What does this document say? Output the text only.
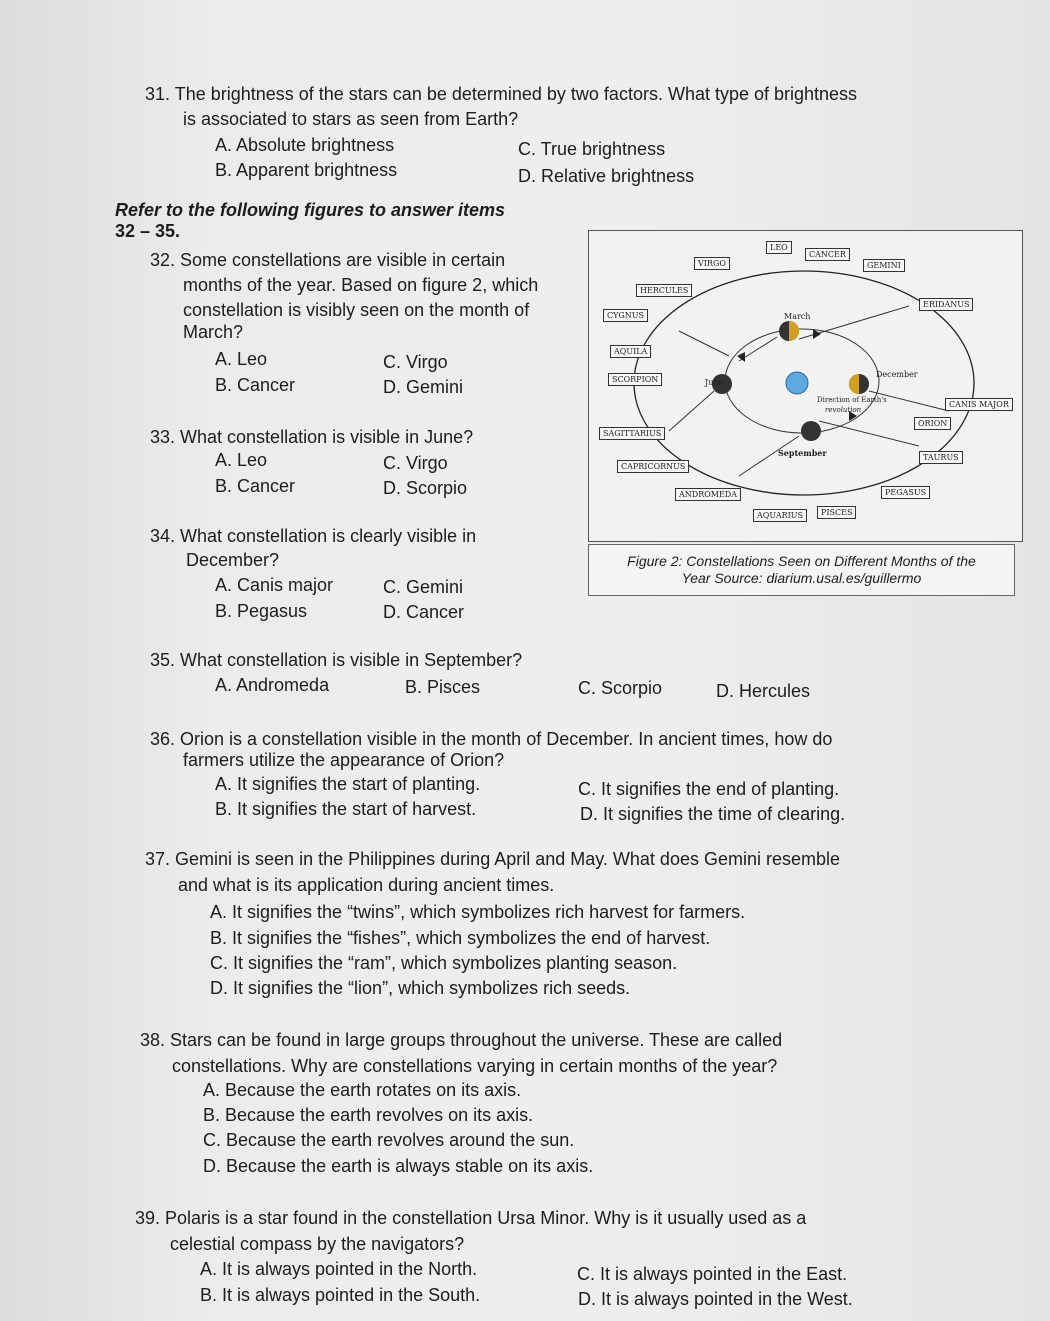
31. The brightness of the stars can be determined by two factors. What type of brightness
is associated to stars as seen from Earth?
A. Absolute brightness	C. True brightness
B. Apparent brightness	D. Relative brightness
Refer to the following figures to answer items
32 – 35.
32. Some constellations are visible in certain
months of the year. Based on figure 2, which
constellation is visibly seen on the month of
March?
A. Leo	C. Virgo
B. Cancer	D. Gemini
33. What constellation is visible in June?
A. Leo	C. Virgo
B. Cancer	D. Scorpio
34. What constellation is clearly visible in
December?
A. Canis major	C. Gemini
B. Pegasus	D. Cancer
LEO
CANCER
GEMINI
VIRGO
HERCULES
ERIDANUS
CYGNUS
AQUILA
SCORPION
CANIS MAJOR
ORION
SAGITTARIUS
TAURUS
CAPRICORNUS
PEGASUS
ANDROMEDA
AQUARIUS	PISCES
March
June
December
September
Direction of Earth's
revolution
Figure 2: Constellations Seen on Different Months of the
Year Source: diarium.usal.es/guillermo
35. What constellation is visible in September?
A. Andromeda	B. Pisces	C. Scorpio	D. Hercules
36. Orion is a constellation visible in the month of December. In ancient times, how do
farmers utilize the appearance of Orion?
A. It signifies the start of planting.	C. It signifies the end of planting.
B. It signifies the start of harvest.	D. It signifies the time of clearing.
37. Gemini is seen in the Philippines during April and May. What does Gemini resemble
and what is its application during ancient times.
A. It signifies the “twins”, which symbolizes rich harvest for farmers.
B. It signifies the “fishes”, which symbolizes the end of harvest.
C. It signifies the “ram”, which symbolizes planting season.
D. It signifies the “lion”, which symbolizes rich seeds.
38. Stars can be found in large groups throughout the universe. These are called
constellations. Why are constellations varying in certain months of the year?
A. Because the earth rotates on its axis.
B. Because the earth revolves on its axis.
C. Because the earth revolves around the sun.
D. Because the earth is always stable on its axis.
39. Polaris is a star found in the constellation Ursa Minor. Why is it usually used as a
celestial compass by the navigators?
A. It is always pointed in the North.	C. It is always pointed in the East.
B. It is always pointed in the South.	D. It is always pointed in the West.
